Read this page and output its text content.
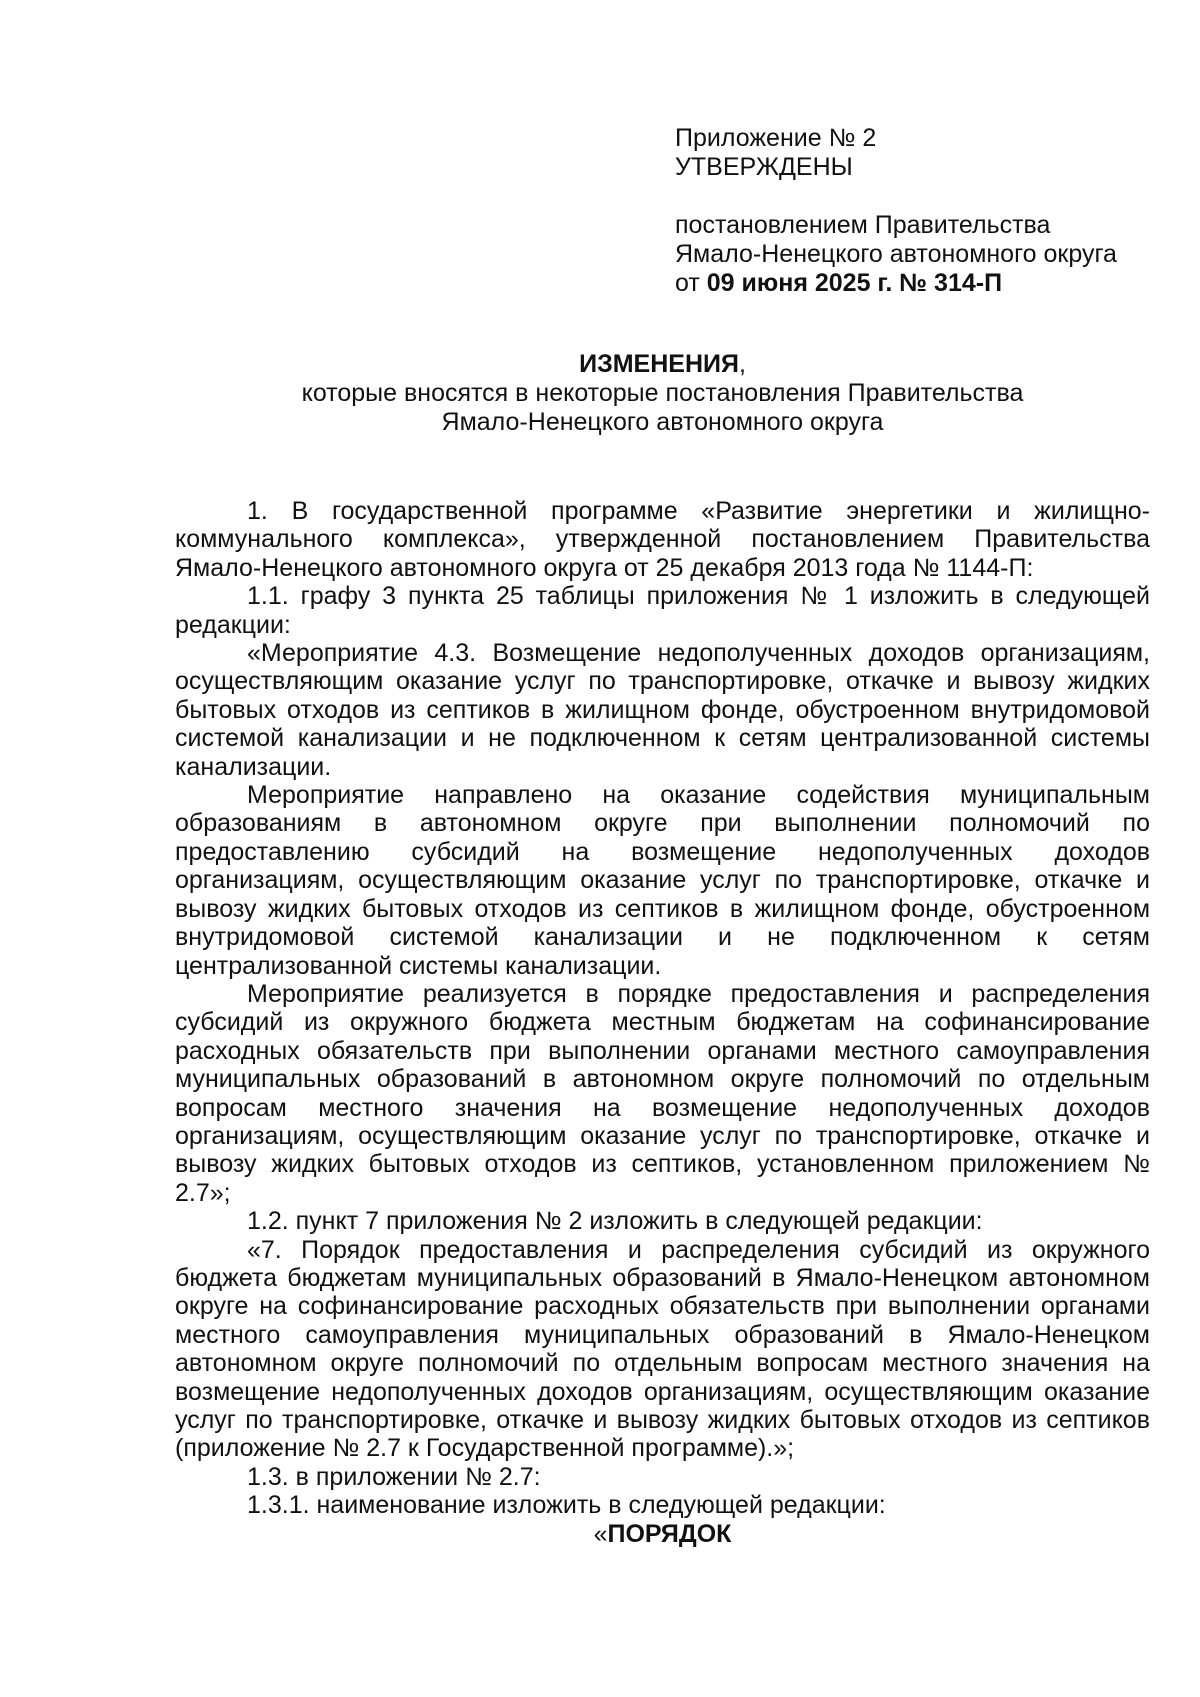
Приложение № 2
УТВЕРЖДЕНЫ
постановлением Правительства
Ямало-Ненецкого автономного округа
от 09 июня 2025 г. № 314-П
ИЗМЕНЕНИЯ,
которые вносятся в некоторые постановления Правительства
Ямало-Ненецкого автономного округа

1. В государственной программе «Развитие энергетики и жилищно-коммунального комплекса», утвержденной постановлением Правительства Ямало-Ненецкого автономного округа от 25 декабря 2013 года № 1144-П:

1.1. графу 3 пункта 25 таблицы приложения № 1 изложить в следующей редакции:

«Мероприятие 4.3. Возмещение недополученных доходов организациям, осуществляющим оказание услуг по транспортировке, откачке и вывозу жидких бытовых отходов из септиков в жилищном фонде, обустроенном внутридомовой системой канализации и не подключенном к сетям централизованной системы канализации.

Мероприятие направлено на оказание содействия муниципальным образованиям в автономном округе при выполнении полномочий по предоставлению субсидий на возмещение недополученных доходов организациям, осуществляющим оказание услуг по транспортировке, откачке и вывозу жидких бытовых отходов из септиков в жилищном фонде, обустроенном внутридомовой системой канализации и не подключенном к сетям централизованной системы канализации.

Мероприятие реализуется в порядке предоставления и распределения субсидий из окружного бюджета местным бюджетам на софинансирование расходных обязательств при выполнении органами местного самоуправления муниципальных образований в автономном округе полномочий по отдельным вопросам местного значения на возмещение недополученных доходов организациям, осуществляющим оказание услуг по транспортировке, откачке и вывозу жидких бытовых отходов из септиков, установленном приложением № 2.7»;

1.2. пункт 7 приложения № 2 изложить в следующей редакции:

«7. Порядок предоставления и распределения субсидий из окружного бюджета бюджетам муниципальных образований в Ямало-Ненецком автономном округе на софинансирование расходных обязательств при выполнении органами местного самоуправления муниципальных образований в Ямало-Ненецком автономном округе полномочий по отдельным вопросам местного значения на возмещение недополученных доходов организациям, осуществляющим оказание услуг по транспортировке, откачке и вывозу жидких бытовых отходов из септиков (приложение № 2.7 к Государственной программе).»;

1.3. в приложении № 2.7:

1.3.1. наименование изложить в следующей редакции:

«ПОРЯДОК
